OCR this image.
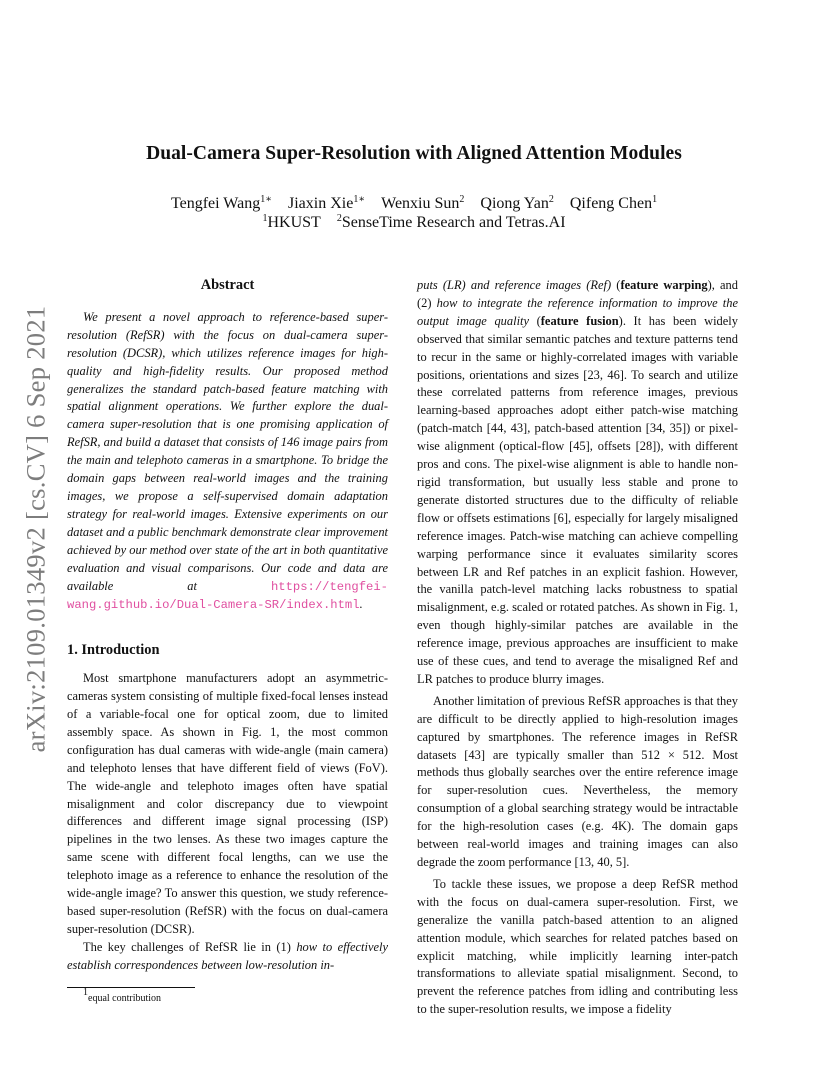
arXiv:2109.01349v2 [cs.CV] 6 Sep 2021
Dual-Camera Super-Resolution with Aligned Attention Modules
Tengfei Wang$^{1∗}$ Jiaxin Xie$^{1∗}$ Wenxiu Sun$^2$ Qiong Yan$^2$ Qifeng Chen$^1$
$^1$HKUST $^2$SenseTime Research and Tetras.AI
Abstract

We present a novel approach to reference-based super-resolution (RefSR) with the focus on dual-camera super-resolution (DCSR), which utilizes reference images for high-quality and high-fidelity results. Our proposed method generalizes the standard patch-based feature matching with spatial alignment operations. We further explore the dual-camera super-resolution that is one promising application of RefSR, and build a dataset that consists of 146 image pairs from the main and telephoto cameras in a smartphone. To bridge the domain gaps between real-world images and the training images, we propose a self-supervised domain adaptation strategy for real-world images. Extensive experiments on our dataset and a public benchmark demonstrate clear improvement achieved by our method over state of the art in both quantitative evaluation and visual comparisons. Our code and data are available at https://tengfei-wang.github.io/Dual-Camera-SR/index.html.

1. Introduction

Most smartphone manufacturers adopt an asymmetric-cameras system consisting of multiple fixed-focal lenses instead of a variable-focal one for optical zoom, due to limited assembly space. As shown in Fig. 1, the most common configuration has dual cameras with wide-angle (main camera) and telephoto lenses that have different field of views (FoV). The wide-angle and telephoto images often have spatial misalignment and color discrepancy due to viewpoint differences and different image signal processing (ISP) pipelines in the two lenses. As these two images capture the same scene with different focal lengths, can we use the telephoto image as a reference to enhance the resolution of the wide-angle image? To answer this question, we study reference-based super-resolution (RefSR) with the focus on dual-camera super-resolution (DCSR).

The key challenges of RefSR lie in (1) how to effectively establish correspondences between low-resolution in-

$^1$equal contribution

puts (LR) and reference images (Ref) (feature warping), and (2) how to integrate the reference information to improve the output image quality (feature fusion). It has been widely observed that similar semantic patches and texture patterns tend to recur in the same or highly-correlated images with variable positions, orientations and sizes [23, 46]. To search and utilize these correlated patterns from reference images, previous learning-based approaches adopt either patch-wise matching (patch-match [44, 43], patch-based attention [34, 35]) or pixel-wise alignment (optical-flow [45], offsets [28]), with different pros and cons. The pixel-wise alignment is able to handle non-rigid transformation, but usually less stable and prone to generate distorted structures due to the difficulty of reliable flow or offsets estimations [6], especially for largely misaligned reference images. Patch-wise matching can achieve compelling warping performance since it evaluates similarity scores between LR and Ref patches in an explicit fashion. However, the vanilla patch-level matching lacks robustness to spatial misalignment, e.g. scaled or rotated patches. As shown in Fig. 1, even though highly-similar patches are available in the reference image, previous approaches are insufficient to make use of these cues, and tend to average the misaligned Ref and LR patches to produce blurry images.

Another limitation of previous RefSR approaches is that they are difficult to be directly applied to high-resolution images captured by smartphones. The reference images in RefSR datasets [43] are typically smaller than 512 × 512. Most methods thus globally searches over the entire reference image for super-resolution cues. Nevertheless, the memory consumption of a global searching strategy would be intractable for the high-resolution cases (e.g. 4K). The domain gaps between real-world images and training images can also degrade the zoom performance [13, 40, 5].

To tackle these issues, we propose a deep RefSR method with the focus on dual-camera super-resolution. First, we generalize the vanilla patch-based attention to an aligned attention module, which searches for related patches based on explicit matching, while implicitly learning inter-patch transformations to alleviate spatial misalignment. Second, to prevent the reference patches from idling and contributing less to the super-resolution results, we impose a fidelity
